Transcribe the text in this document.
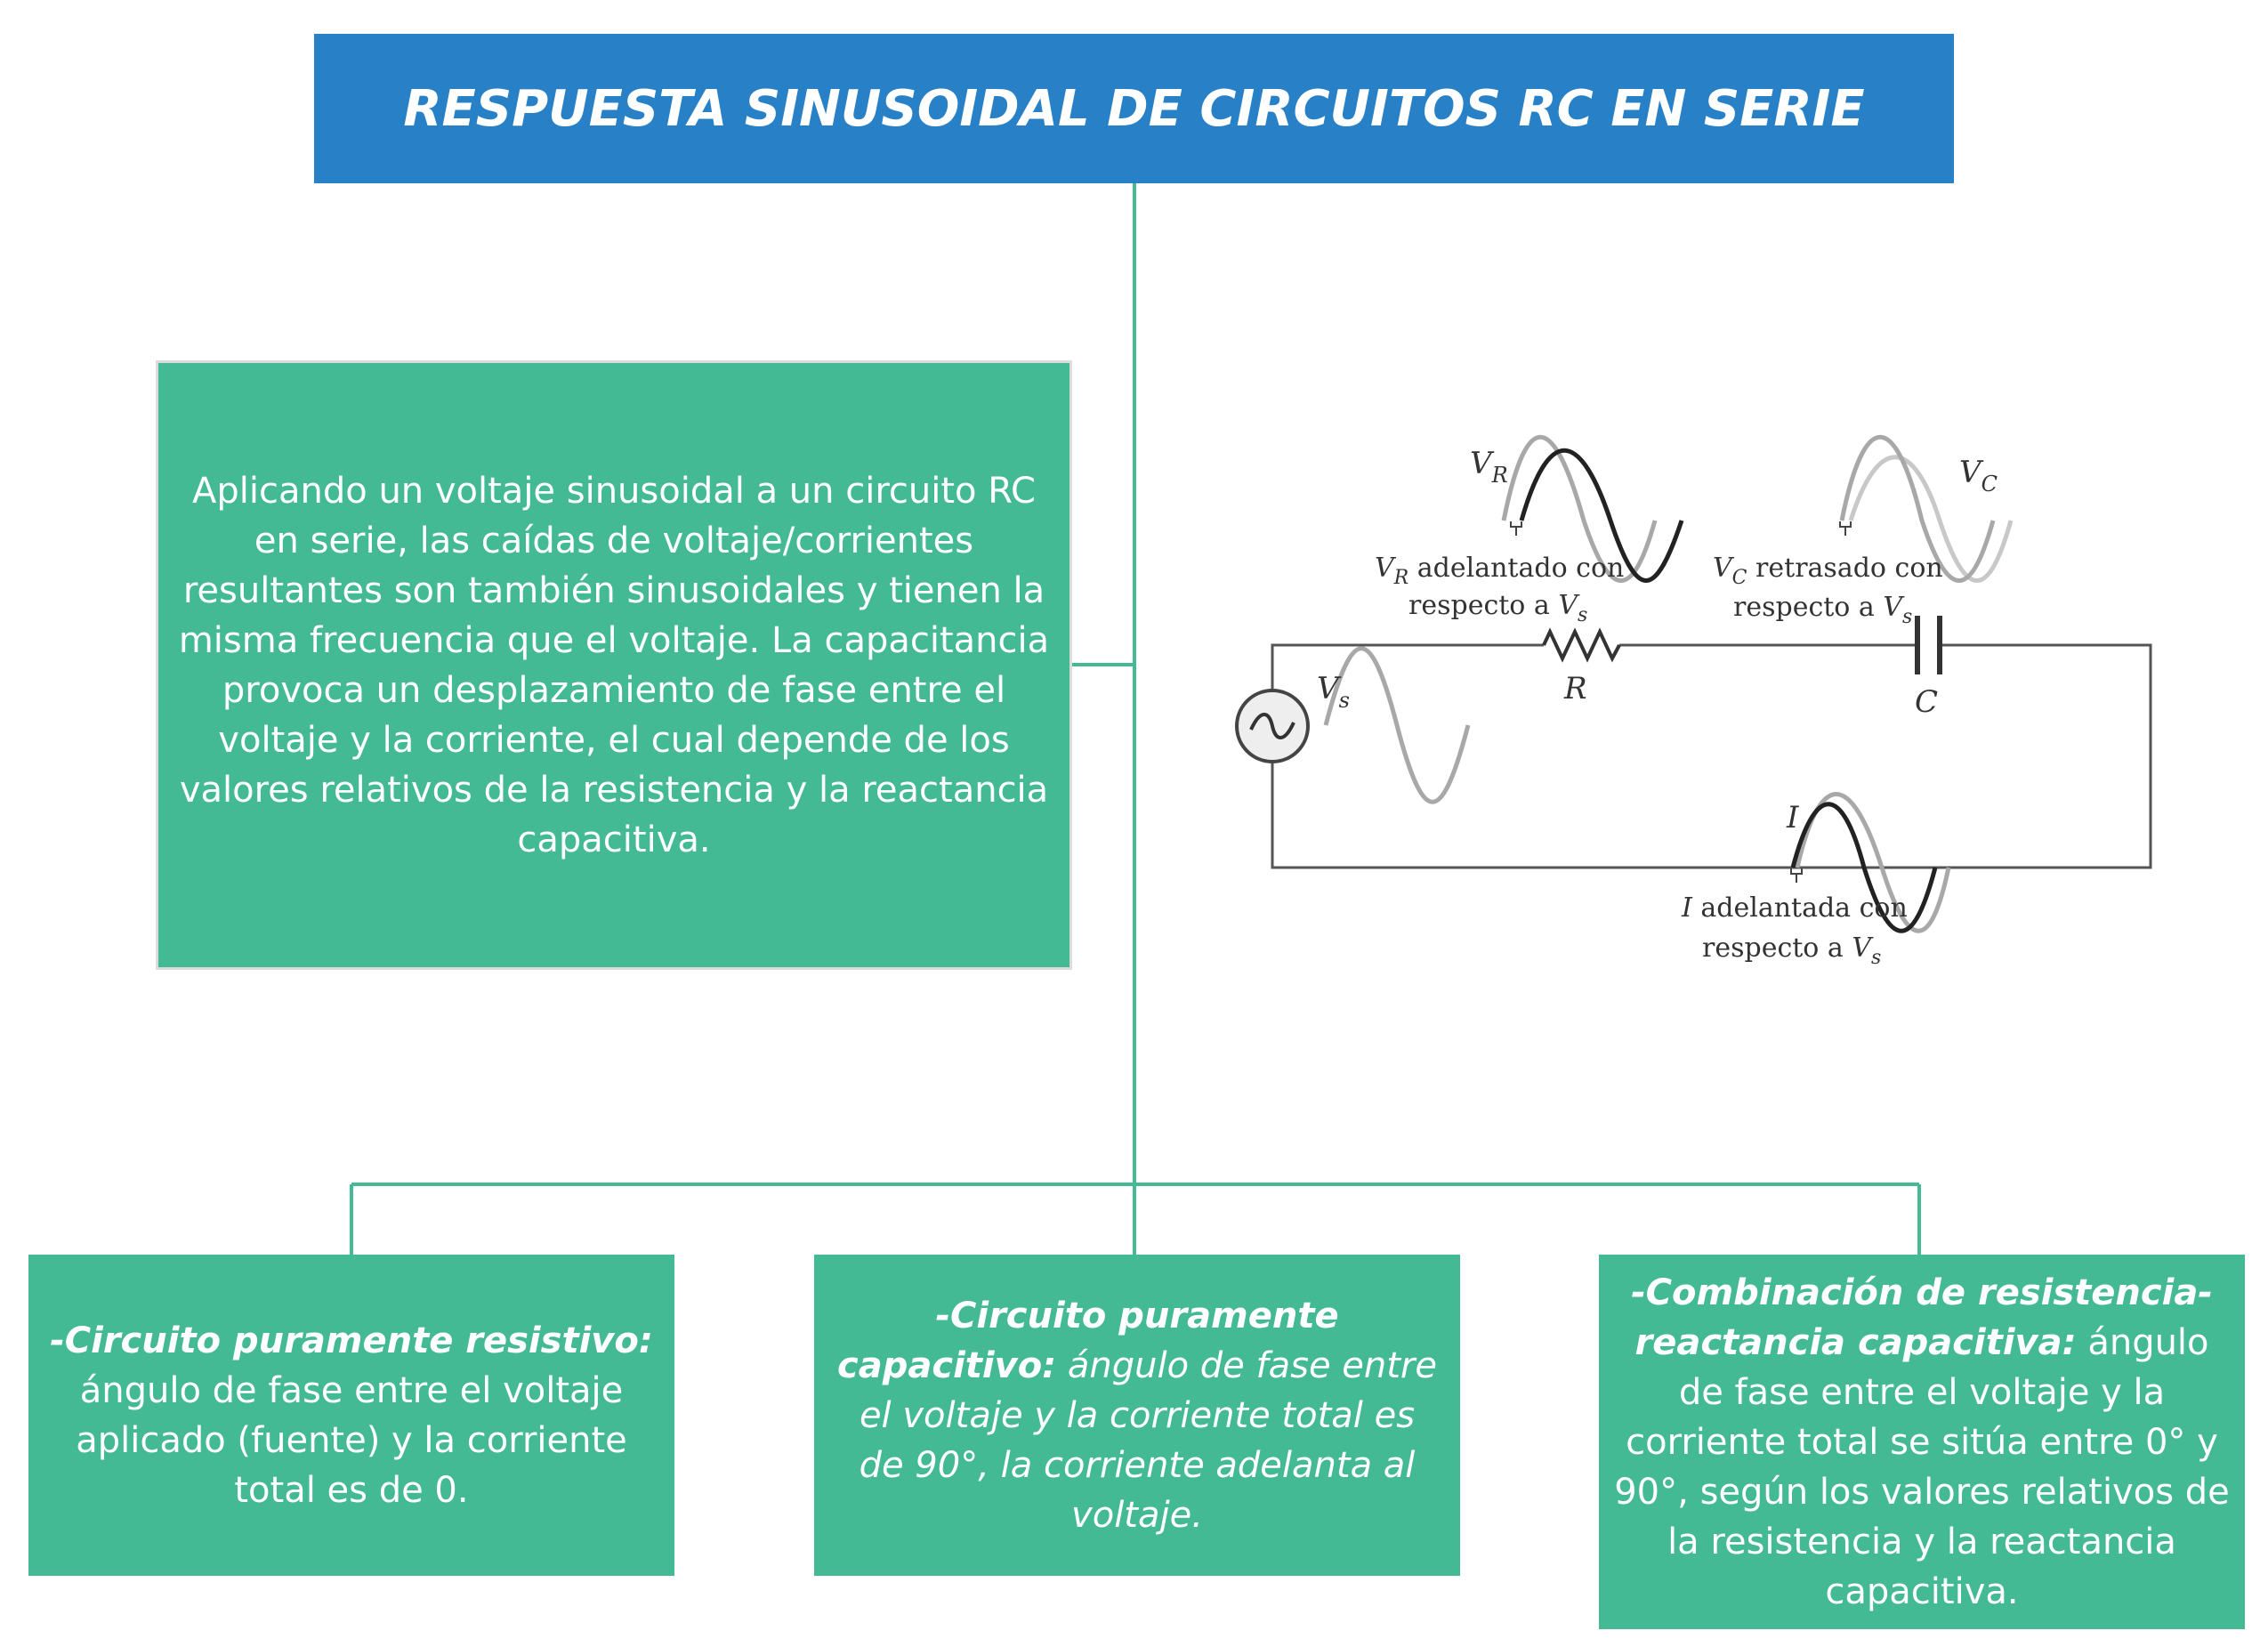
RESPUESTA SINUSOIDAL DE CIRCUITOS RC EN SERIE
Aplicando un voltaje sinusoidal a un circuito RC en serie, las caídas de voltaje/corrientes resultantes son también sinusoidales y tienen la misma frecuencia que el voltaje. La capacitancia provoca un desplazamiento de fase entre el voltaje y la corriente, el cual depende de los valores relativos de la resistencia y la reactancia capacitiva.
$V_R$
$V_R$ adelantado con
respecto a $V_s$
$V_C$
$V_C$ retrasado con
respecto a $V_s$
$V_s$	R	C
I
I adelantada con
respecto a $V_s$
-Circuito puramente resistivo: ángulo de fase entre el voltaje aplicado (fuente) y la corriente total es de 0.
-Circuito puramente capacitivo: ángulo de fase entre el voltaje y la corriente total es de 90°, la corriente adelanta al voltaje.
-Combinación de resistencia-reactancia capacitiva: ángulo de fase entre el voltaje y la corriente total se sitúa entre 0° y 90°, según los valores relativos de la resistencia y la reactancia capacitiva.
